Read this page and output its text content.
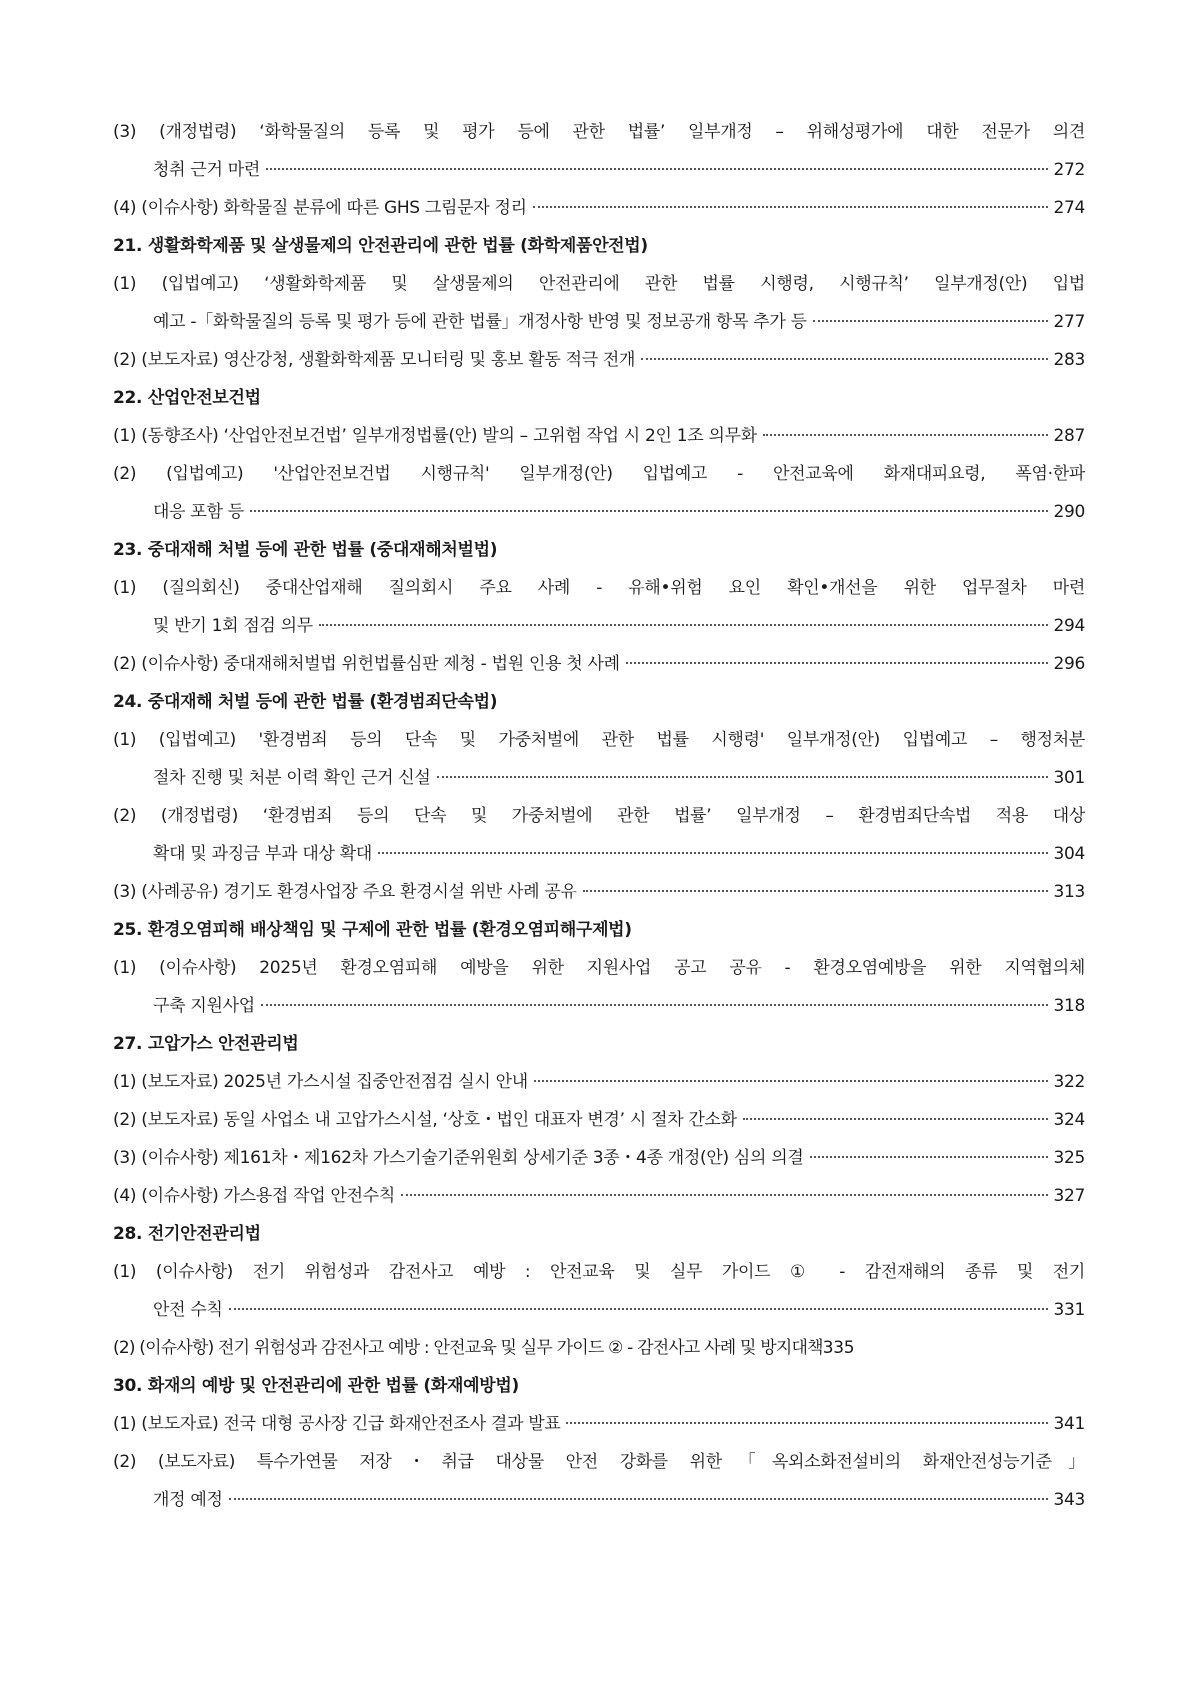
(3) (개정법령) ‘화학물질의 등록 및 평가 등에 관한 법률’ 일부개정 – 위해성평가에 대한 전문가 의견
청취 근거 마련	272
(4) (이슈사항) 화학물질 분류에 따른 GHS 그림문자 정리	274
21. 생활화학제품 및 살생물제의 안전관리에 관한 법률 (화학제품안전법)
(1) (입법예고) ‘생활화학제품 및 살생물제의 안전관리에 관한 법률 시행령, 시행규칙’ 일부개정(안) 입법
예고 -「화학물질의 등록 및 평가 등에 관한 법률」개정사항 반영 및 정보공개 항목 추가 등	277
(2) (보도자료) 영산강청, 생활화학제품 모니터링 및 홍보 활동 적극 전개	283
22. 산업안전보건법
(1) (동향조사) ‘산업안전보건법’ 일부개정법률(안) 발의 – 고위험 작업 시 2인 1조 의무화	287
(2) (입법예고) '산업안전보건법 시행규칙' 일부개정(안) 입법예고 - 안전교육에 화재대피요령, 폭염·한파
대응 포함 등	290
23. 중대재해 처벌 등에 관한 법률 (중대재해처벌법)
(1) (질의회신) 중대산업재해 질의회시 주요 사례 - 유해•위험 요인 확인•개선을 위한 업무절차 마련
및 반기 1회 점검 의무	294
(2) (이슈사항) 중대재해처벌법 위헌법률심판 제청 - 법원 인용 첫 사례	296
24. 중대재해 처벌 등에 관한 법률 (환경범죄단속법)
(1) (입법예고) '환경범죄 등의 단속 및 가중처벌에 관한 법률 시행령' 일부개정(안) 입법예고 – 행정처분
절차 진행 및 처분 이력 확인 근거 신설	301
(2) (개정법령) ‘환경범죄 등의 단속 및 가중처벌에 관한 법률’ 일부개정 – 환경범죄단속법 적용 대상
확대 및 과징금 부과 대상 확대	304
(3) (사례공유) 경기도 환경사업장 주요 환경시설 위반 사례 공유	313
25. 환경오염피해 배상책임 및 구제에 관한 법률 (환경오염피해구제법)
(1) (이슈사항) 2025년 환경오염피해 예방을 위한 지원사업 공고 공유 - 환경오염예방을 위한 지역협의체
구축 지원사업	318
27. 고압가스 안전관리법
(1) (보도자료) 2025년 가스시설 집중안전점검 실시 안내	322
(2) (보도자료) 동일 사업소 내 고압가스시설, ‘상호・법인 대표자 변경’ 시 절차 간소화	324
(3) (이슈사항) 제161차・제162차 가스기술기준위원회 상세기준 3종・4종 개정(안) 심의 의결	325
(4) (이슈사항) 가스용접 작업 안전수칙	327
28. 전기안전관리법
(1) (이슈사항) 전기 위험성과 감전사고 예방 : 안전교육 및 실무 가이드 ① - 감전재해의 종류 및 전기
안전 수칙	331
(2) (이슈사항) 전기 위험성과 감전사고 예방 : 안전교육 및 실무 가이드 ② - 감전사고 사례 및 방지대책 335
30. 화재의 예방 및 안전관리에 관한 법률 (화재예방법)
(1) (보도자료) 전국 대형 공사장 긴급 화재안전조사 결과 발표	341
(2) (보도자료) 특수가연물 저장・취급 대상물 안전 강화를 위한「옥외소화전설비의 화재안전성능기준」
개정 예정	343
